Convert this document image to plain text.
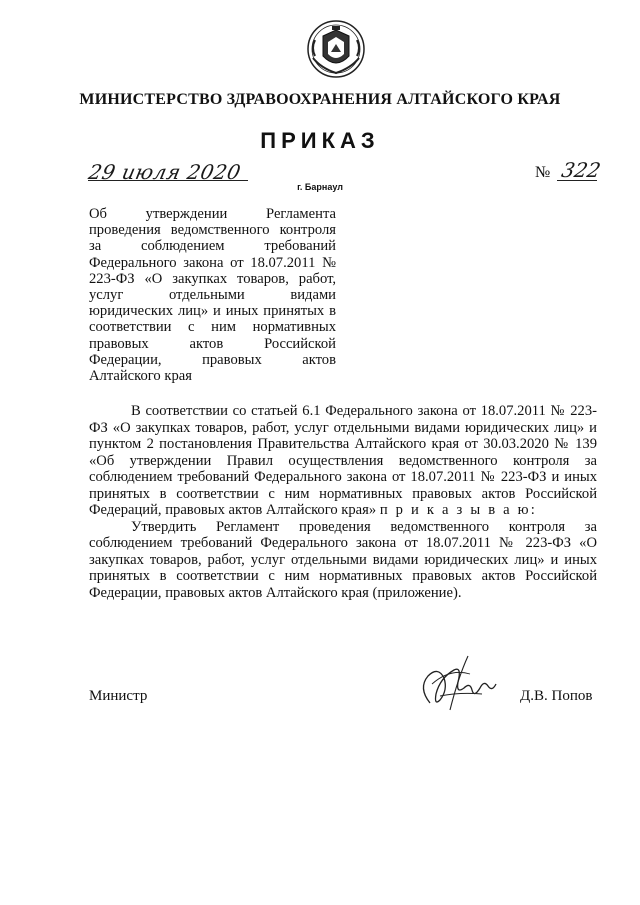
МИНИСТЕРСТВО ЗДРАВООХРАНЕНИЯ АЛТАЙСКОГО КРАЯ
ПРИКАЗ
29 июля 2020	№ 322
г. Барнаул
Об утверждении Регламента проведения ведомственного контроля за соблюдением требований Федерального закона от 18.07.2011 № 223-ФЗ «О закупках товаров, работ, услуг отдельными видами юридических лиц» и иных принятых в соответствии с ним нормативных правовых актов Российской Федерации, правовых актов Алтайского края

В соответствии со статьей 6.1 Федерального закона от 18.07.2011 № 223-ФЗ «О закупках товаров, работ, услуг отдельными видами юридических лиц» и пунктом 2 постановления Правительства Алтайского края от 30.03.2020 № 139 «Об утверждении Правил осуществления ведомственного контроля за соблюдением требований Федерального закона от 18.07.2011 № 223-ФЗ и иных принятых в соответствии с ним нормативных правовых актов Российской Федераций, правовых актов Алтайского края» п р и к а з ы в а ю:

Утвердить Регламент проведения ведомственного контроля за соблюдением требований Федерального закона от 18.07.2011 № 223-ФЗ «О закупках товаров, работ, услуг отдельными видами юридических лиц» и иных принятых в соответствии с ним нормативных правовых актов Российской Федерации, правовых актов Алтайского края (приложение).

Министр	Д.В. Попов
